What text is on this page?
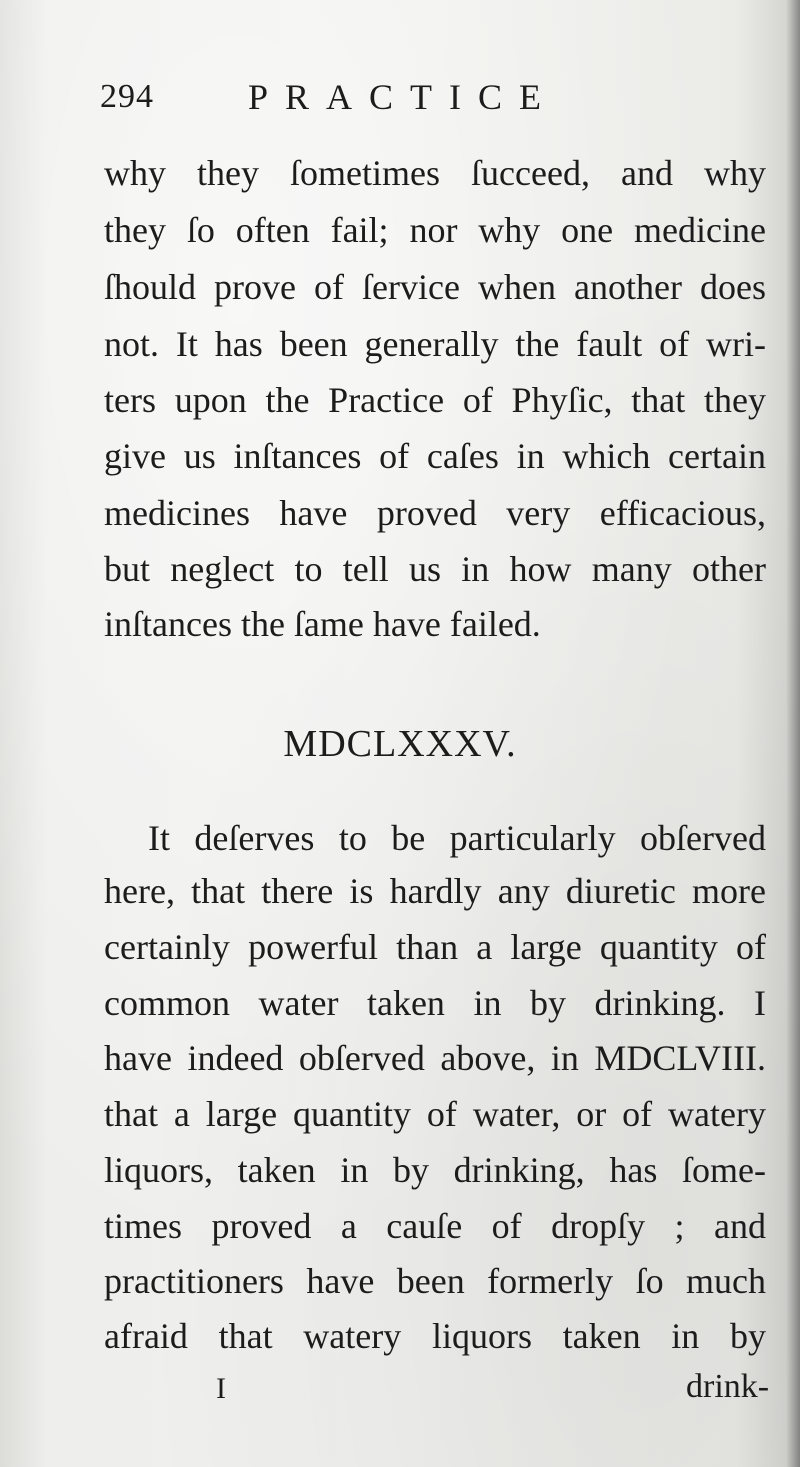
294	PRACTICE
why they ſometimes ſucceed, and why
they ſo often fail; nor why one medicine
ſhould prove of ſervice when another does
not. It has been generally the fault of wri-
ters upon the Practice of Phyſic, that they
give us inſtances of caſes in which certain
medicines have proved very efficacious,
but neglect to tell us in how many other
inſtances the ſame have failed.
MDCLXXXV.
It deſerves to be particularly obſerved
here, that there is hardly any diuretic more
certainly powerful than a large quantity of
common water taken in by drinking. I
have indeed obſerved above, in MDCLVIII.
that a large quantity of water, or of watery
liquors, taken in by drinking, has ſome-
times proved a cauſe of dropſy ; and
practitioners have been formerly ſo much
afraid that watery liquors taken in by
I	drink-
